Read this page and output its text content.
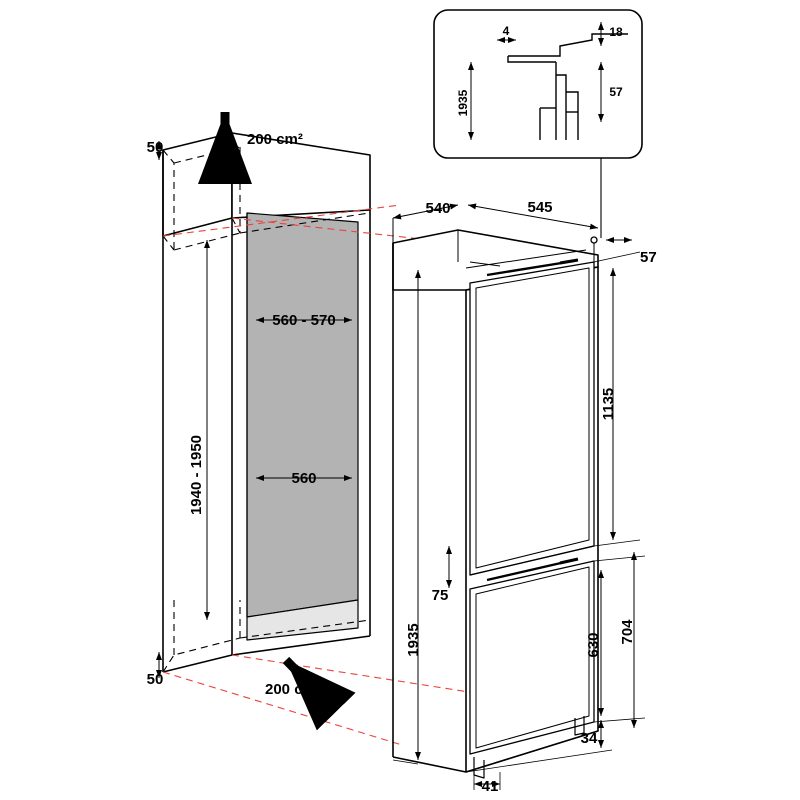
50
50
200 cm²
200 cm²
560 - 570
560
1940 - 1950
540	545
57
1135
75
630
704
1935
34
41
4	18
57
1935
